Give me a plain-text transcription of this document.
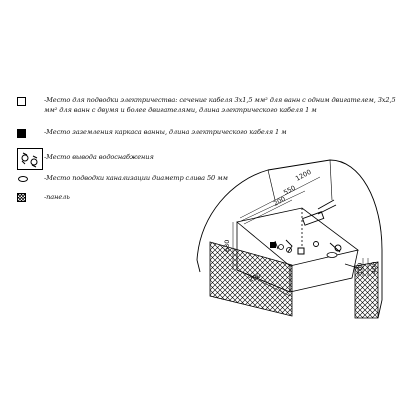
-Место для подводки электричества: сечение кабеля 3х1,5 мм² для ванн с одним двигателем, 3х2,5 мм² для ванн с двумя и более двигателями, длина электрического кабеля 1 м
-Место заземления каркаса ванны, длина электрического кабеля 1 м
-Место вывода водоснабжения
-Место подводки канализации диаметр слива 50 мм
-панель
1200
550
200
630
200
100 400
